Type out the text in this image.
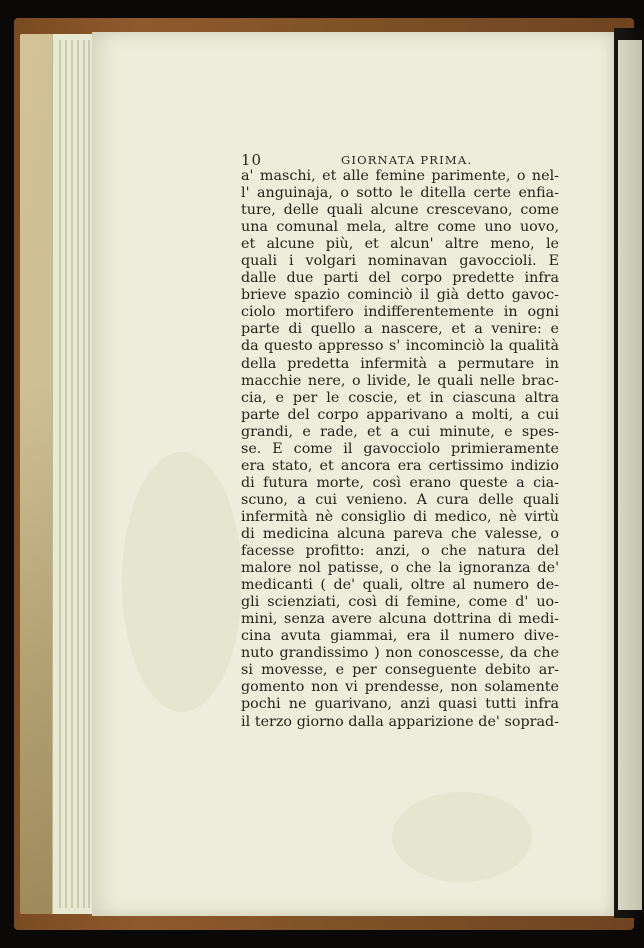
10	GIORNATA PRIMA.
a' maschi, et alle femine parimente, o nel-
l' anguinaja, o sotto le ditella certe enfia-
ture, delle quali alcune crescevano, come
una comunal mela, altre come uno uovo,
et alcune più, et alcun' altre meno, le
quali i volgari nominavan gavoccioli. E
dalle due parti del corpo predette infra
brieve spazio cominciò il già detto gavoc-
ciolo mortifero indifferentemente in ogni
parte di quello a nascere, et a venire: e
da questo appresso s' incominciò la qualità
della predetta infermità a permutare in
macchie nere, o livide, le quali nelle brac-
cia, e per le coscie, et in ciascuna altra
parte del corpo apparivano a molti, a cui
grandi, e rade, et a cui minute, e spes-
se. E come il gavocciolo primieramente
era stato, et ancora era certissimo indizio
di futura morte, così erano queste a cia-
scuno, a cui venieno. A cura delle quali
infermità nè consiglio di medico, nè virtù
di medicina alcuna pareva che valesse, o
facesse profitto: anzi, o che natura del
malore nol patisse, o che la ignoranza de'
medicanti ( de' quali, oltre al numero de-
gli scienziati, così di femine, come d' uo-
mini, senza avere alcuna dottrina di medi-
cina avuta giammai, era il numero dive-
nuto grandissimo ) non conoscesse, da che
si movesse, e per conseguente debito ar-
gomento non vi prendesse, non solamente
pochi ne guarivano, anzi quasi tutti infra
il terzo giorno dalla apparizione de' soprad-
